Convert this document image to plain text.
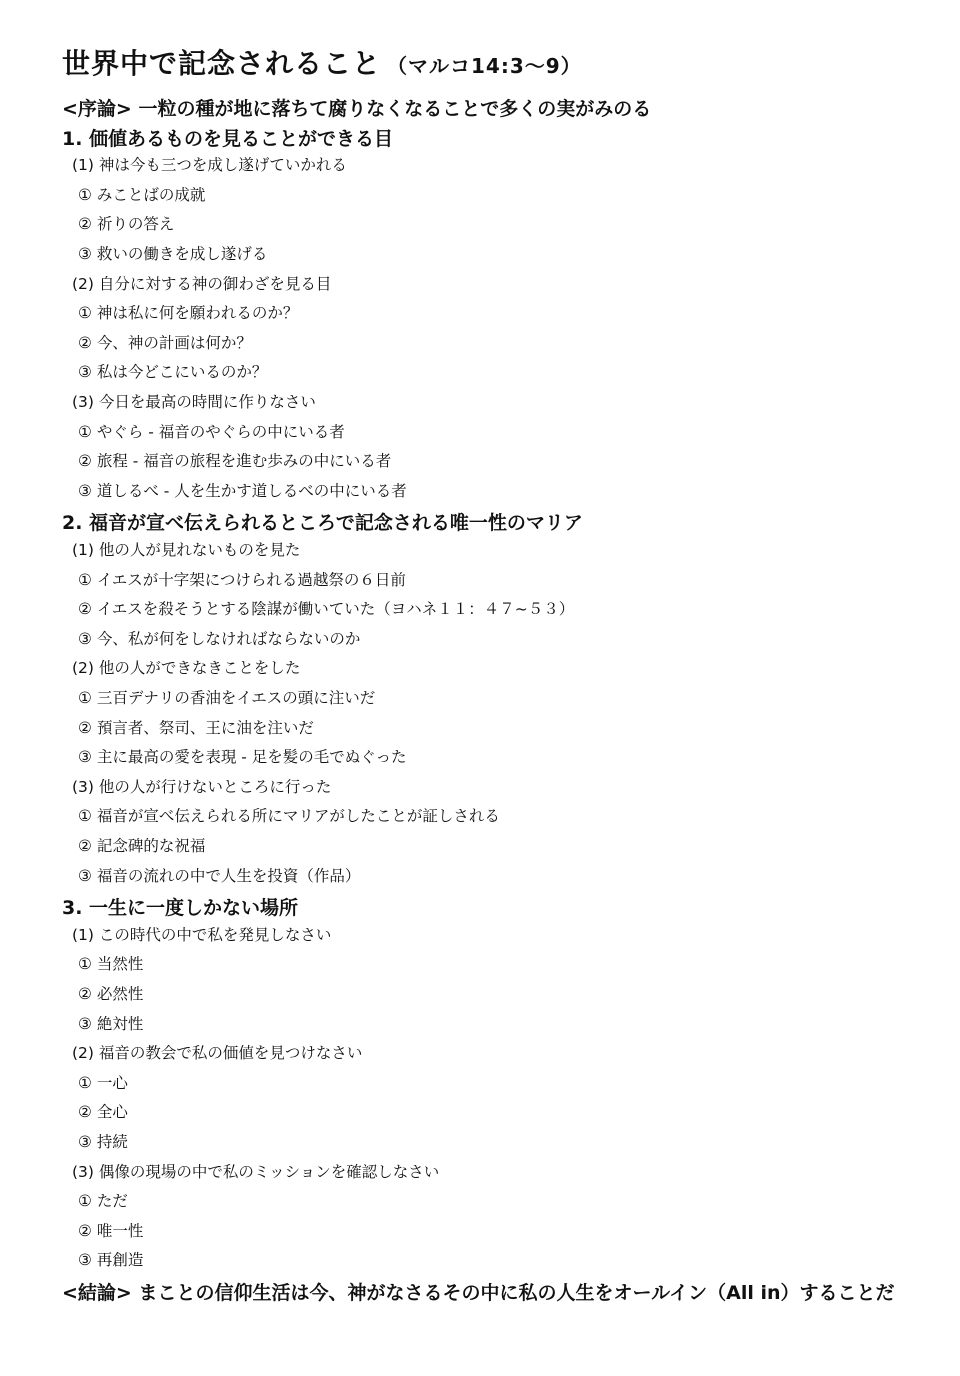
世界中で記念されること （マルコ14:3～9）
<序論> 一粒の種が地に落ちて腐りなくなることで多くの実がみのる
1. 価値あるものを見ることができる目
(1) 神は今も三つを成し遂げていかれる
① みことばの成就
② 祈りの答え
③ 救いの働きを成し遂げる
(2) 自分に対する神の御わざを見る目
① 神は私に何を願われるのか？
② 今、神の計画は何か？
③ 私は今どこにいるのか？
(3) 今日を最高の時間に作りなさい
① やぐら - 福音のやぐらの中にいる者
② 旅程 - 福音の旅程を進む歩みの中にいる者
③ 道しるべ - 人を生かす道しるべの中にいる者
2. 福音が宣べ伝えられるところで記念される唯一性のマリア
(1) 他の人が見れないものを見た
① イエスが十字架につけられる過越祭の６日前
② イエスを殺そうとする陰謀が働いていた（ヨハネ１１：４７~５３）
③ 今、私が何をしなければならないのか
(2) 他の人ができなきことをした
① 三百デナリの香油をイエスの頭に注いだ
② 預言者、祭司、王に油を注いだ
③ 主に最高の愛を表現 - 足を髪の毛でぬぐった
(3) 他の人が行けないところに行った
① 福音が宣べ伝えられる所にマリアがしたことが証しされる
② 記念碑的な祝福
③ 福音の流れの中で人生を投資（作品）
3. 一生に一度しかない場所
(1) この時代の中で私を発見しなさい
① 当然性
② 必然性
③ 絶対性
(2) 福音の教会で私の価値を見つけなさい
① 一心
② 全心
③ 持続
(3) 偶像の現場の中で私のミッションを確認しなさい
① ただ
② 唯一性
③ 再創造
<結論> まことの信仰生活は今、神がなさるその中に私の人生をオールイン（All in）することだ
